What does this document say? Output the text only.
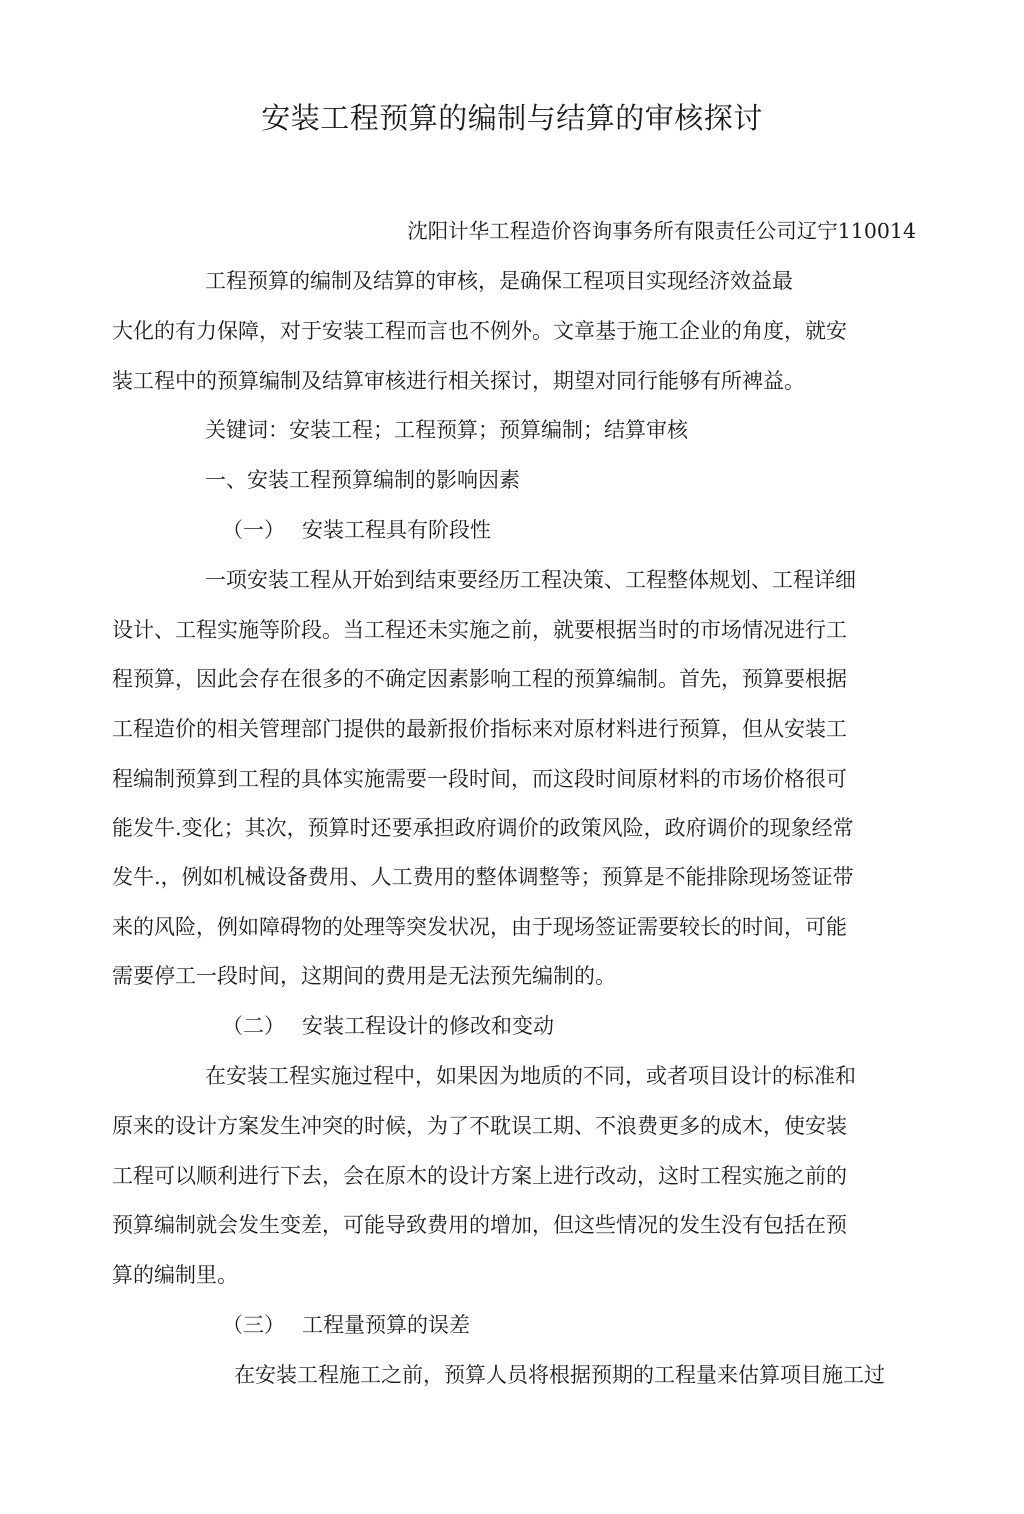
安装工程预算的编制与结算的审核探讨
沈阳计华工程造价咨询事务所有限责任公司辽宁110014
工程预算的编制及结算的审核，是确保工程项目实现经济效益最
大化的有力保障，对于安装工程而言也不例外。文章基于施工企业的角度，就安
装工程中的预算编制及结算审核进行相关探讨，期望对同行能够有所裨益。
关键词：安装工程；工程预算；预算编制；结算审核
一、安装工程预算编制的影响因素
（一） 安装工程具有阶段性
一项安装工程从开始到结束要经历工程决策、工程整体规划、工程详细
设计、工程实施等阶段。当工程还未实施之前，就要根据当时的市场情况进行工
程预算，因此会存在很多的不确定因素影响工程的预算编制。首先，预算要根据
工程造价的相关管理部门提供的最新报价指标来对原材料进行预算，但从安装工
程编制预算到工程的具体实施需要一段时间，而这段时间原材料的市场价格很可
能发牛.变化；其次，预算时还要承担政府调价的政策风险，政府调价的现象经常
发牛.，例如机械设备费用、人工费用的整体调整等；预算是不能排除现场签证带
来的风险，例如障碍物的处理等突发状况，由于现场签证需要较长的时间，可能
需要停工一段时间，这期间的费用是无法预先编制的。
（二） 安装工程设计的修改和变动
在安装工程实施过程中，如果因为地质的不同，或者项目设计的标准和
原来的设计方案发生冲突的时候，为了不耽误工期、不浪费更多的成木，使安装
工程可以顺利进行下去，会在原木的设计方案上进行改动，这时工程实施之前的
预算编制就会发生变差，可能导致费用的增加，但这些情况的发生没有包括在预
算的编制里。
（三） 工程量预算的误差
在安装工程施工之前，预算人员将根据预期的工程量来估算项目施工过
